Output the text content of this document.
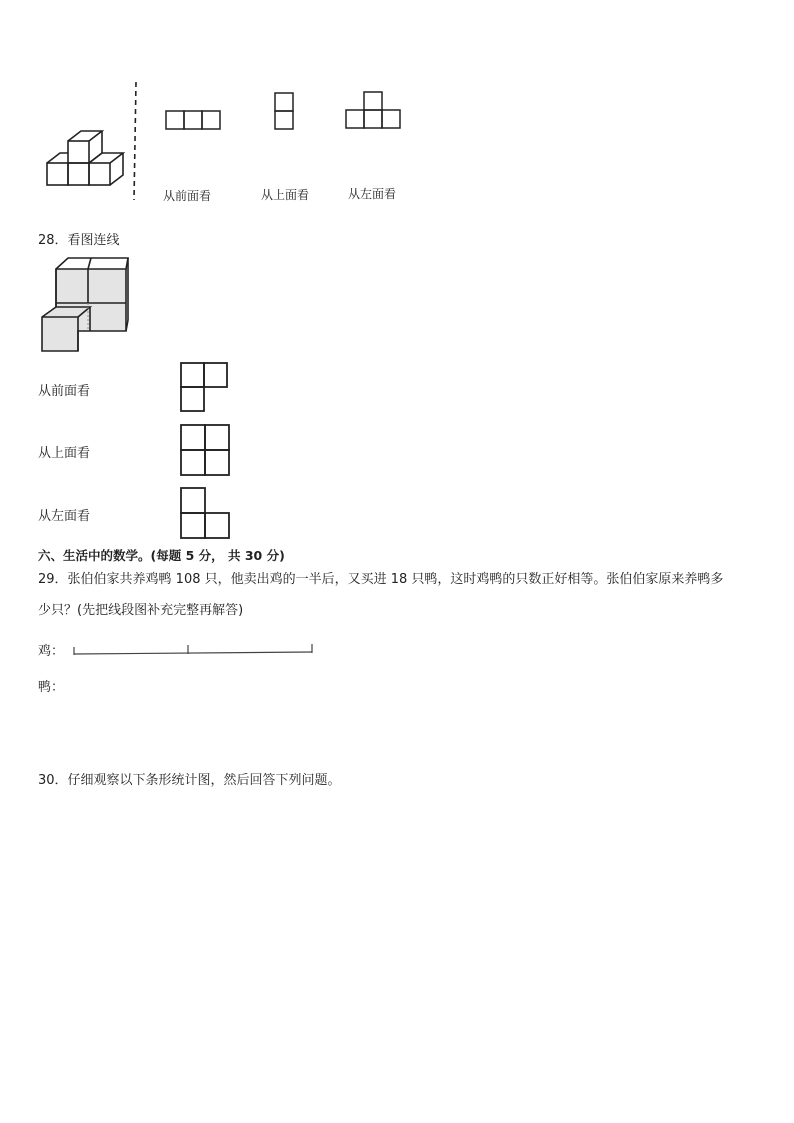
从前面看	从上面看	从左面看
28．看图连线
从前面看
从上面看
从左面看
六、生活中的数学。(每题 5 分， 共 30 分)
29．张伯伯家共养鸡鸭 108 只，他卖出鸡的一半后，又买进 18 只鸭，这时鸡鸭的只数正好相等。张伯伯家原来养鸭多
少只？(先把线段图补充完整再解答)
鸡：
鸭：
30．仔细观察以下条形统计图，然后回答下列问题。
